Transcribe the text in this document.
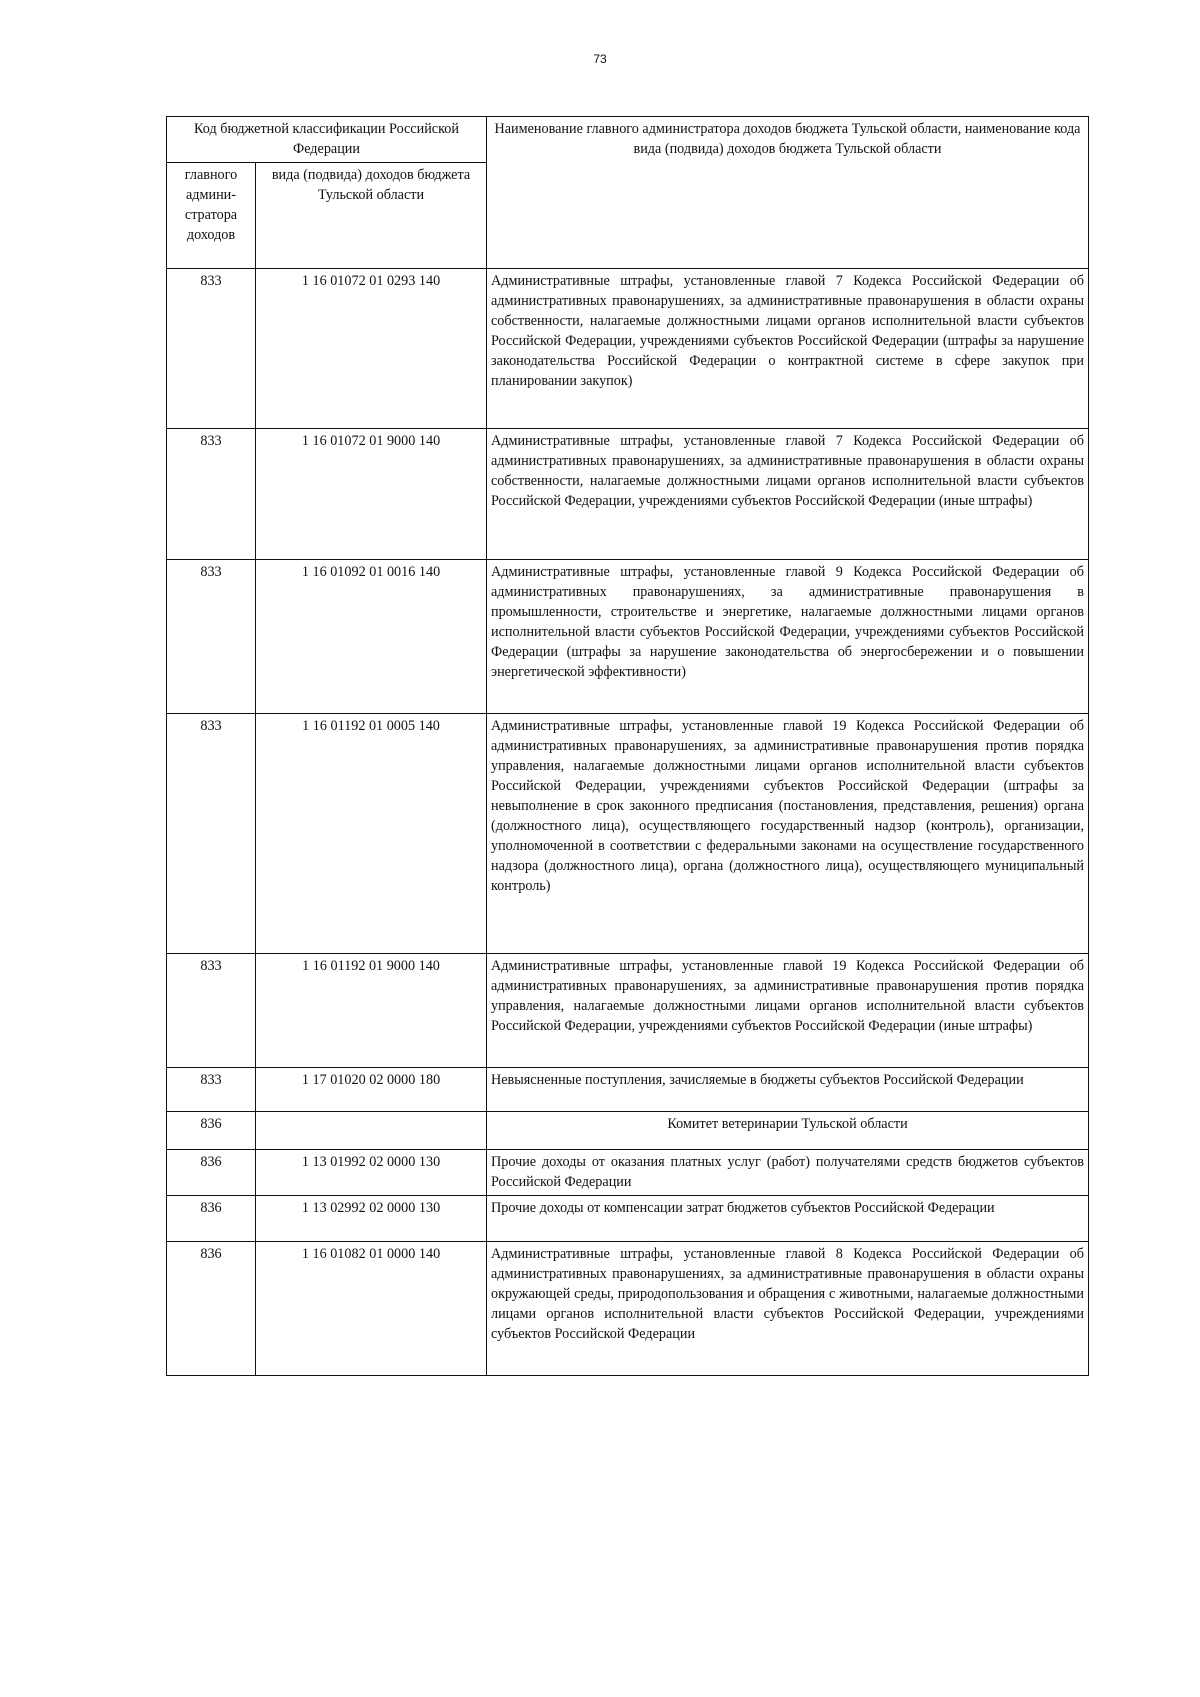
73
Код бюджетной классификации Российской Федерации		Наименование главного администратора доходов бюджета Тульской области, наименование кода вида (подвида) доходов бюджета Тульской области
главного админи-стратора доходов	вида (подвида) доходов бюджета Тульской области	
833	1 16 01072 01 0293 140	Административные штрафы, установленные главой 7 Кодекса Российской Федерации об административных правонарушениях, за административные правонарушения в области охраны собственности, налагаемые должностными лицами органов исполнительной власти субъектов Российской Федерации, учреждениями субъектов Российской Федерации (штрафы за нарушение законодательства Российской Федерации о контрактной системе в сфере закупок при планировании закупок)
833	1 16 01072 01 9000 140	Административные штрафы, установленные главой 7 Кодекса Российской Федерации об административных правонарушениях, за административные правонарушения в области охраны собственности, налагаемые должностными лицами органов исполнительной власти субъектов Российской Федерации, учреждениями субъектов Российской Федерации (иные штрафы)
833	1 16 01092 01 0016 140	Административные штрафы, установленные главой 9 Кодекса Российской Федерации об административных правонарушениях, за административные правонарушения в промышленности, строительстве и энергетике, налагаемые должностными лицами органов исполнительной власти субъектов Российской Федерации, учреждениями субъектов Российской Федерации (штрафы за нарушение законодательства об энергосбережении и о повышении энергетической эффективности)
833	1 16 01192 01 0005 140	Административные штрафы, установленные главой 19 Кодекса Российской Федерации об административных правонарушениях, за административные правонарушения против порядка управления, налагаемые должностными лицами органов исполнительной власти субъектов Российской Федерации, учреждениями субъектов Российской Федерации (штрафы за невыполнение в срок законного предписания (постановления, представления, решения) органа (должностного лица), осуществляющего государственный надзор (контроль), организации, уполномоченной в соответствии с федеральными законами на осуществление государственного надзора (должностного лица), органа (должностного лица), осуществляющего муниципальный контроль)
833	1 16 01192 01 9000 140	Административные штрафы, установленные главой 19 Кодекса Российской Федерации об административных правонарушениях, за административные правонарушения против порядка управления, налагаемые должностными лицами органов исполнительной власти субъектов Российской Федерации, учреждениями субъектов Российской Федерации (иные штрафы)
833	1 17 01020 02 0000 180	Невыясненные поступления, зачисляемые в бюджеты субъектов Российской Федерации
836		Комитет ветеринарии Тульской области
836	1 13 01992 02 0000 130	Прочие доходы от оказания платных услуг (работ) получателями средств бюджетов субъектов Российской Федерации
836	1 13 02992 02 0000 130	Прочие доходы от компенсации затрат бюджетов субъектов Российской Федерации
836	1 16 01082 01 0000 140	Административные штрафы, установленные главой 8 Кодекса Российской Федерации об административных правонарушениях, за административные правонарушения в области охраны окружающей среды, природопользования и обращения с животными, налагаемые должностными лицами органов исполнительной власти субъектов Российской Федерации, учреждениями субъектов Российской Федерации
